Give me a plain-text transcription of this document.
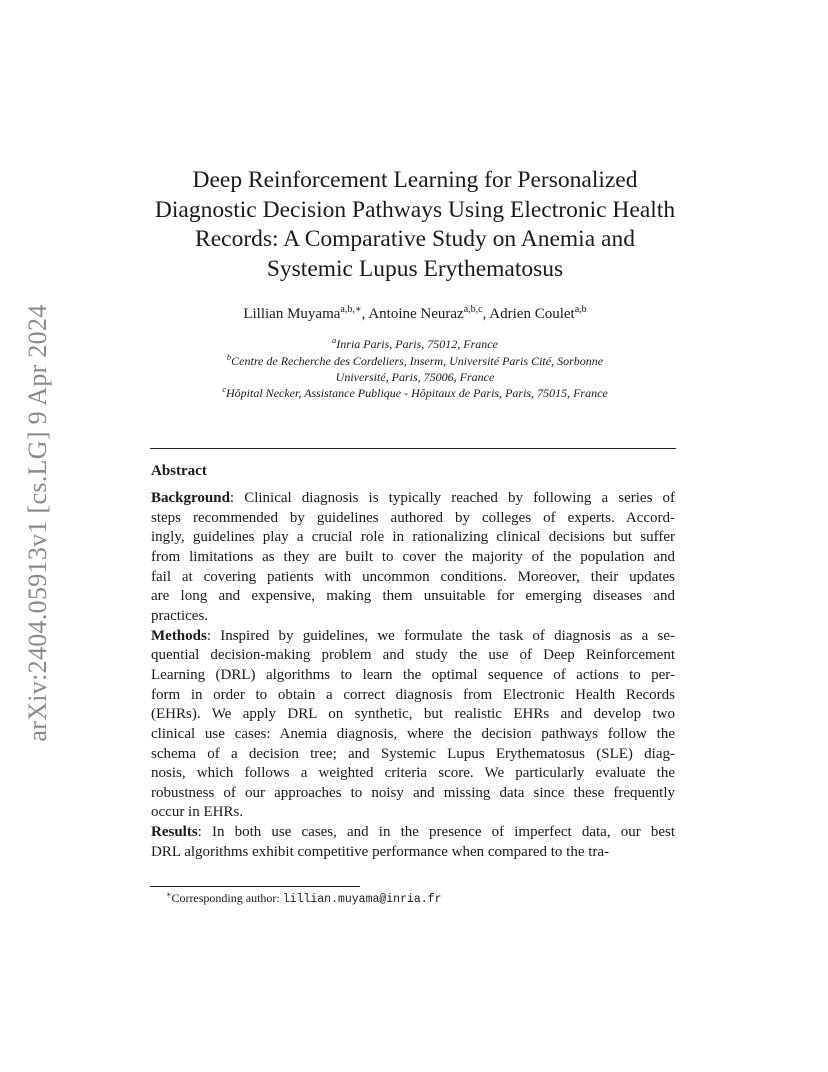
arXiv:2404.05913v1 [cs.LG] 9 Apr 2024
Deep Reinforcement Learning for Personalized
Diagnostic Decision Pathways Using Electronic Health
Records: A Comparative Study on Anemia and
Systemic Lupus Erythematosus
Lillian Muyama$^{a,b,∗}$, Antoine Neuraz$^{a,b,c}$, Adrien Coulet$^{a,b}$
$^a$Inria Paris, Paris, 75012, France
$^b$Centre de Recherche des Cordeliers, Inserm, Université Paris Cité, Sorbonne
Université, Paris, 75006, France
$^c$Hôpital Necker, Assistance Publique - Hôpitaux de Paris, Paris, 75015, France
Abstract
Background: Clinical diagnosis is typically reached by following a series of
steps recommended by guidelines authored by colleges of experts. Accord-
ingly, guidelines play a crucial role in rationalizing clinical decisions but suffer
from limitations as they are built to cover the majority of the population and
fail at covering patients with uncommon conditions. Moreover, their updates
are long and expensive, making them unsuitable for emerging diseases and
practices.
Methods: Inspired by guidelines, we formulate the task of diagnosis as a se-
quential decision-making problem and study the use of Deep Reinforcement
Learning (DRL) algorithms to learn the optimal sequence of actions to per-
form in order to obtain a correct diagnosis from Electronic Health Records
(EHRs). We apply DRL on synthetic, but realistic EHRs and develop two
clinical use cases: Anemia diagnosis, where the decision pathways follow the
schema of a decision tree; and Systemic Lupus Erythematosus (SLE) diag-
nosis, which follows a weighted criteria score. We particularly evaluate the
robustness of our approaches to noisy and missing data since these frequently
occur in EHRs.
Results: In both use cases, and in the presence of imperfect data, our best
DRL algorithms exhibit competitive performance when compared to the tra-
∗Corresponding author: lillian.muyama@inria.fr
